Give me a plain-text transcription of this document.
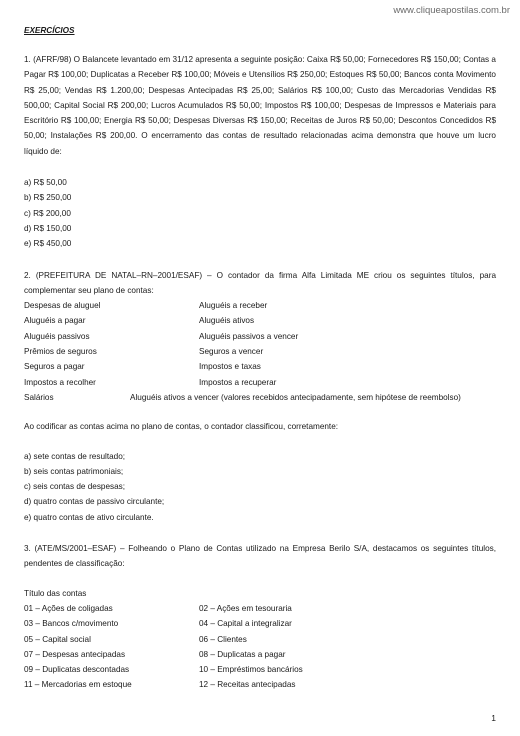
www.cliqueapostilas.com.br

EXERCÍCIOS

1. (AFRF/98) O Balancete levantado em 31/12 apresenta a seguinte posição: Caixa R$ 50,00; Fornecedores R$ 150,00; Contas a Pagar R$ 100,00; Duplicatas a Receber R$ 100,00; Móveis e Utensílios R$ 250,00; Estoques R$ 50,00; Bancos conta Movimento R$ 25,00; Vendas R$ 1.200,00; Despesas Antecipadas R$ 25,00; Salários R$ 100,00; Custo das Mercadorias Vendidas R$ 500,00; Capital Social R$ 200,00; Lucros Acumulados R$ 50,00; Impostos R$ 100,00; Despesas de Impressos e Materiais para Escritório R$ 100,00; Energia R$ 50,00; Despesas Diversas R$ 150,00; Receitas de Juros R$ 50,00; Descontos Concedidos R$ 50,00; Instalações R$ 200,00. O encerramento das contas de resultado relacionadas acima demonstra que houve um lucro líquido de:

a) R$ 50,00

b) R$ 250,00

c) R$ 200,00

d) R$ 150,00

e) R$ 450,00

2. (PREFEITURA DE NATAL–RN–2001/ESAF) – O contador da firma Alfa Limitada ME criou os seguintes títulos, para complementar seu plano de contas:

Despesas de aluguel	Aluguéis a receber
Aluguéis a pagar	Aluguéis ativos
Aluguéis passivos	Aluguéis passivos a vencer
Prêmios de seguros	Seguros a vencer
Seguros a pagar	Impostos e taxas
Impostos a recolher	Impostos a recuperar
Salários	Aluguéis ativos a vencer (valores recebidos antecipadamente, sem hipótese de reembolso)

Ao codificar as contas acima no plano de contas, o contador classificou, corretamente:

a) sete contas de resultado;

b) seis contas patrimoniais;

c) seis contas de despesas;

d) quatro contas de passivo circulante;

e) quatro contas de ativo circulante.

3. (ATE/MS/2001–ESAF) – Folheando o Plano de Contas utilizado na Empresa Berilo S/A, destacamos os seguintes títulos, pendentes de classificação:

Título das contas

01 – Ações de coligadas	02 – Ações em tesouraria
03 – Bancos c/movimento	04 – Capital a integralizar
05 – Capital social	06 – Clientes
07 – Despesas antecipadas	08 – Duplicatas a pagar
09 – Duplicatas descontadas	10 – Empréstimos bancários
11 – Mercadorias em estoque	12 – Receitas antecipadas
1
